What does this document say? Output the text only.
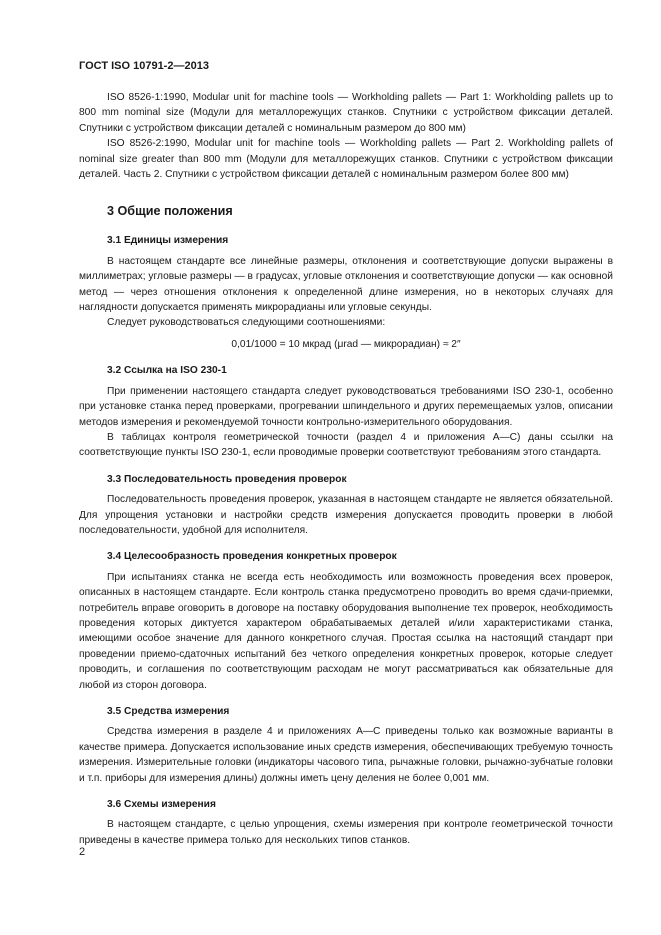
ГОСТ ISO 10791-2—2013

ISO 8526-1:1990, Modular unit for machine tools — Workholding pallets — Part 1: Workholding pallets up to 800 mm nominal size (Модули для металлорежущих станков. Спутники с устройством фиксации деталей. Спутники с устройством фиксации деталей с номинальным размером до 800 мм)

ISO 8526-2:1990, Modular unit for machine tools — Workholding pallets — Part 2. Workholding pallets of nominal size greater than 800 mm (Модули для металлорежущих станков. Спутники с устройством фиксации деталей. Часть 2. Спутники с устройством фиксации деталей с номинальным размером более 800 мм)

3 Общие положения
3.1 Единицы измерения

В настоящем стандарте все линейные размеры, отклонения и соответствующие допуски выражены в миллиметрах; угловые размеры — в градусах, угловые отклонения и соответствующие допуски — как основной метод — через отношения отклонения к определенной длине измерения, но в некоторых случаях для наглядности допускается применять микрорадианы или угловые секунды.

Следует руководствоваться следующими соотношениями:

0,01/1000 = 10 мкрад (μrad — микрорадиан) ≈ 2″

3.2 Ссылка на ISO 230-1

При применении настоящего стандарта следует руководствоваться требованиями ISO 230-1, особенно при установке станка перед проверками, прогревании шпиндельного и других перемещаемых узлов, описании методов измерения и рекомендуемой точности контрольно-измерительного оборудования.

В таблицах контроля геометрической точности (раздел 4 и приложения А—С) даны ссылки на соответствующие пункты ISO 230-1, если проводимые проверки соответствуют требованиям этого стандарта.

3.3 Последовательность проведения проверок

Последовательность проведения проверок, указанная в настоящем стандарте не является обязательной. Для упрощения установки и настройки средств измерения допускается проводить проверки в любой последовательности, удобной для исполнителя.

3.4 Целесообразность проведения конкретных проверок

При испытаниях станка не всегда есть необходимость или возможность проведения всех проверок, описанных в настоящем стандарте. Если контроль станка предусмотрено проводить во время сдачи-приемки, потребитель вправе оговорить в договоре на поставку оборудования выполнение тех проверок, необходимость проведения которых диктуется характером обрабатываемых деталей и/или характеристиками станка, имеющими особое значение для данного конкретного случая. Простая ссылка на настоящий стандарт при проведении приемо-сдаточных испытаний без четкого определения конкретных проверок, которые следует проводить, и соглашения по соответствующим расходам не могут рассматриваться как обязательные для любой из сторон договора.

3.5 Средства измерения

Средства измерения в разделе 4 и приложениях А—С приведены только как возможные варианты в качестве примера. Допускается использование иных средств измерения, обеспечивающих требуемую точность измерения. Измерительные головки (индикаторы часового типа, рычажные головки, рычажно-зубчатые головки и т.п. приборы для измерения длины) должны иметь цену деления не более 0,001 мм.

3.6 Схемы измерения

В настоящем стандарте, с целью упрощения, схемы измерения при контроле геометрической точности приведены в качестве примера только для нескольких типов станков.

2
